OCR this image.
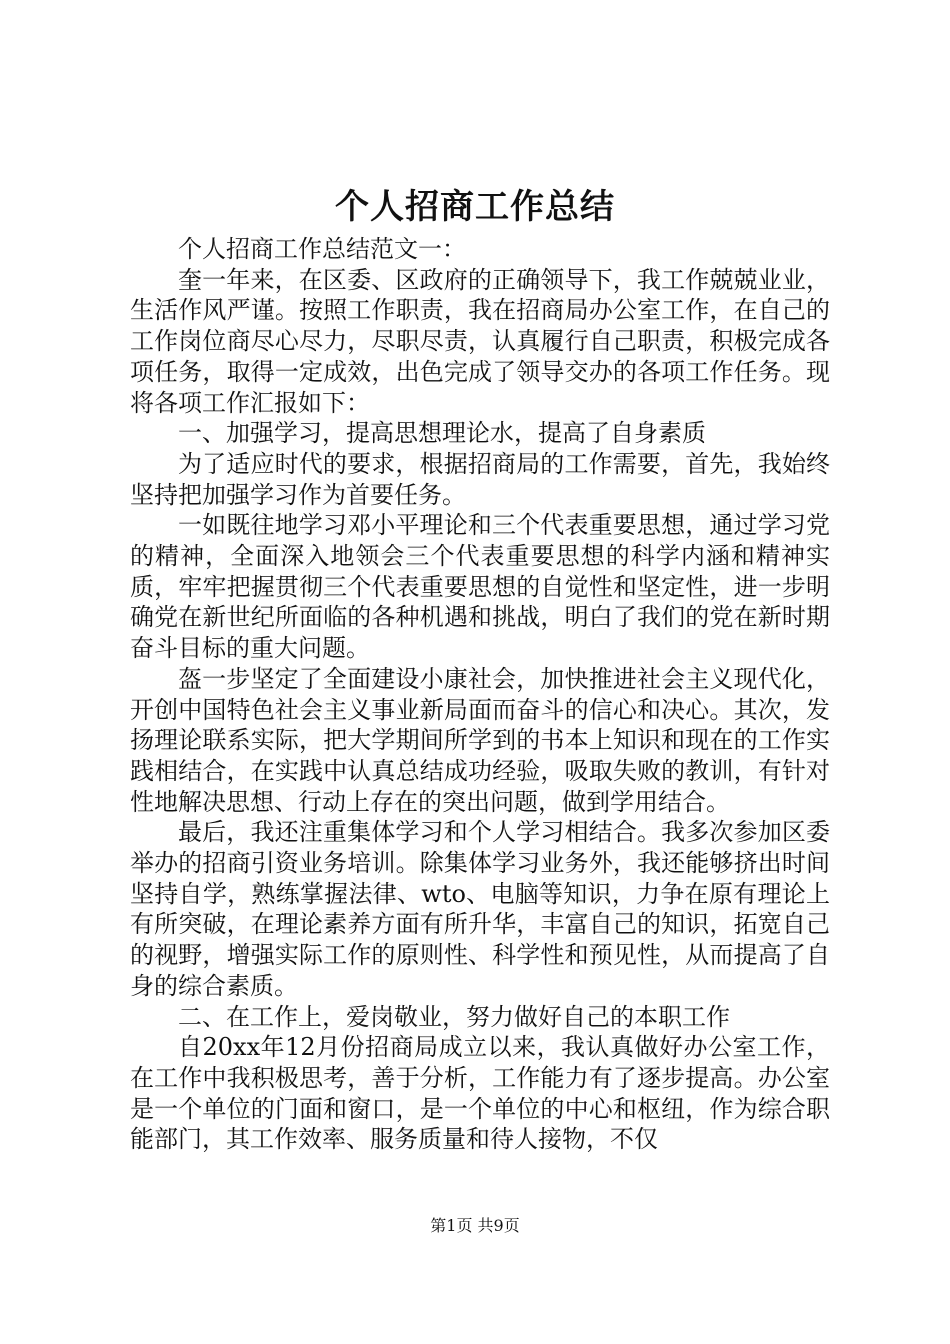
个人招商工作总结

个人招商工作总结范文一：

奎一年来，在区委、区政府的正确领导下，我工作兢兢业业，生活作风严谨。按照工作职责，我在招商局办公室工作，在自己的工作岗位商尽心尽力，尽职尽责，认真履行自己职责，积极完成各项任务，取得一定成效，出色完成了领导交办的各项工作任务。现将各项工作汇报如下：

一、加强学习，提高思想理论水，提高了自身素质

为了适应时代的要求，根据招商局的工作需要，首先，我始终坚持把加强学习作为首要任务。

一如既往地学习邓小平理论和三个代表重要思想，通过学习党的精神，全面深入地领会三个代表重要思想的科学内涵和精神实质，牢牢把握贯彻三个代表重要思想的自觉性和坚定性，进一步明确党在新世纪所面临的各种机遇和挑战，明白了我们的党在新时期奋斗目标的重大问题。

盔一步坚定了全面建设小康社会，加快推进社会主义现代化，开创中国特色社会主义事业新局面而奋斗的信心和决心。其次，发扬理论联系实际，把大学期间所学到的书本上知识和现在的工作实践相结合，在实践中认真总结成功经验，吸取失败的教训，有针对性地解决思想、行动上存在的突出问题，做到学用结合。

最后，我还注重集体学习和个人学习相结合。我多次参加区委举办的招商引资业务培训。除集体学习业务外，我还能够挤出时间坚持自学，熟练掌握法律、wto、电脑等知识，力争在原有理论上有所突破，在理论素养方面有所升华，丰富自己的知识，拓宽自己的视野，增强实际工作的原则性、科学性和预见性，从而提高了自身的综合素质。

二、在工作上，爱岗敬业，努力做好自己的本职工作

自20xx年12月份招商局成立以来，我认真做好办公室工作，在工作中我积极思考，善于分析，工作能力有了逐步提高。办公室是一个单位的门面和窗口，是一个单位的中心和枢纽，作为综合职能部门，其工作效率、服务质量和待人接物，不仅

第1页 共9页
